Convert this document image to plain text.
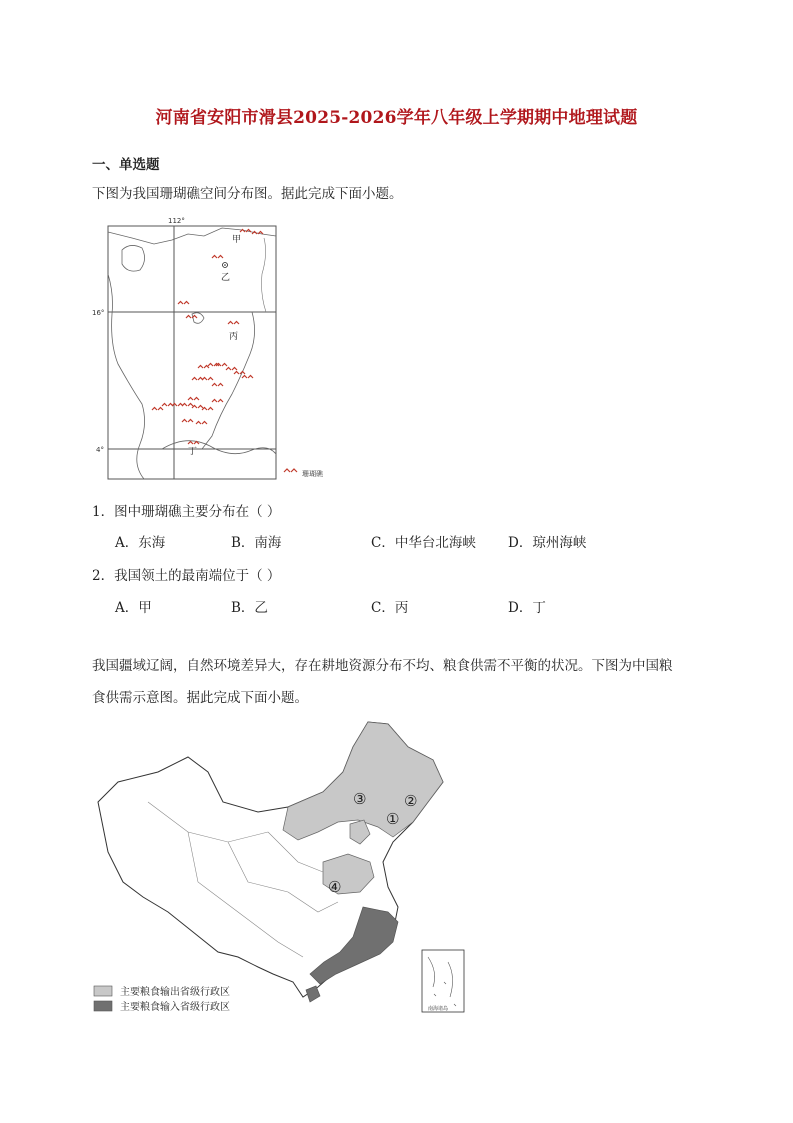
河南省安阳市滑县2025-2026学年八年级上学期期中地理试题
一、单选题
下图为我国珊瑚礁空间分布图。据此完成下面小题。
112°
16°
4°
甲
乙
丙
丁
珊瑚礁
1．图中珊瑚礁主要分布在（ ）
A．东海	B．南海	C．中华台北海峡 D．琼州海峡
2．我国领土的最南端位于（ ）
A．甲	B．乙	C．丙	D．丁
我国疆域辽阔，自然环境差异大，存在耕地资源分布不均、粮食供需不平衡的状况。下图为中国粮
食供需示意图。据此完成下面小题。
③	②
①
④
南海诸岛
主要粮食输出省级行政区
主要粮食输入省级行政区
